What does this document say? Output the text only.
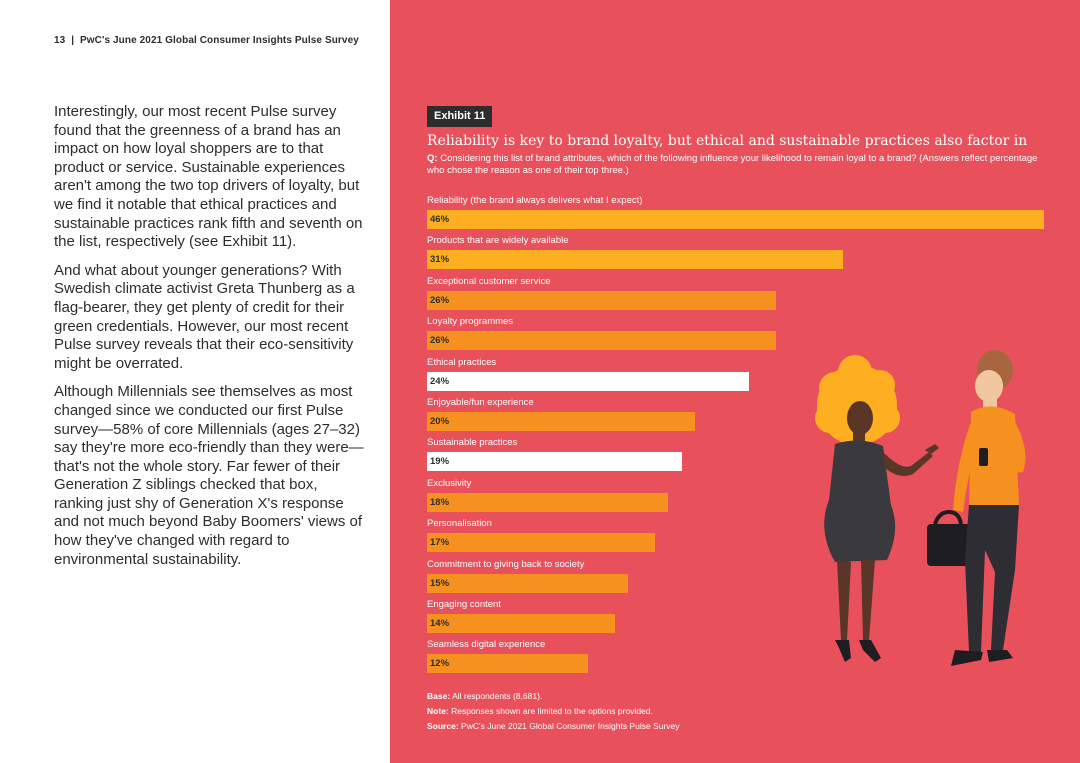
13 | PwC's June 2021 Global Consumer Insights Pulse Survey

Interestingly, our most recent Pulse survey found that the greenness of a brand has an impact on how loyal shoppers are to that product or service. Sustainable experiences aren't among the two top drivers of loyalty, but we find it notable that ethical practices and sustainable practices rank fifth and seventh on the list, respectively (see Exhibit 11).

And what about younger generations? With Swedish climate activist Greta Thunberg as a flag-bearer, they get plenty of credit for their green credentials. However, our most recent Pulse survey reveals that their eco-sensitivity might be overrated.

Although Millennials see themselves as most changed since we conducted our first Pulse survey—58% of core Millennials (ages 27–32) say they're more eco-friendly than they were—that's not the whole story. Far fewer of their Generation Z siblings checked that box, ranking just shy of Generation X's response and not much beyond Baby Boomers' views of how they've changed with regard to environmental sustainability.

Exhibit 11
Reliability is key to brand loyalty, but ethical and sustainable practices also factor in
Q: Considering this list of brand attributes, which of the following influence your likelihood to remain loyal to a brand? (Answers reflect percentage who chose the reason as one of their top three.)
Reliability (the brand always delivers what I expect)
46%
Products that are widely available
31%
Exceptional customer service
26%
Loyalty programmes
26%
Ethical practices
24%
Enjoyable/fun experience
20%
Sustainable practices
19%
Exclusivity
18%
Personalisation
17%
Commitment to giving back to society
15%
Engaging content
14%
Seamless digital experience
12%
Base: All respondents (8,681).
Note: Responses shown are limited to the options provided.
Source: PwC's June 2021 Global Consumer Insights Pulse Survey
